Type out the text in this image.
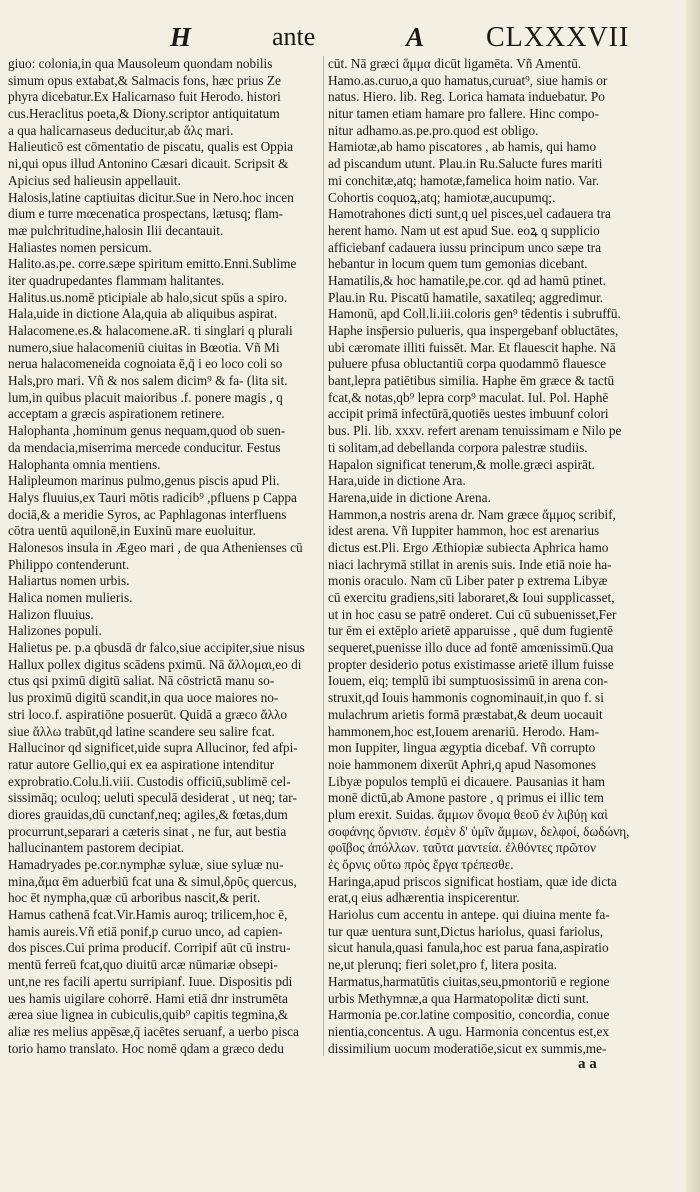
H	ante	A CLXXXVII
giuo: colonia,in qua Mausoleum quondam nobilis
simum opus extabat,& Salmacis fons, hæc prius Ze
phyra dicebatur.Ex Halicarnaso fuit Herodo. histori
cus.Heraclitus poeta,& Diony.scriptor antiquitatum
a qua halicarnaseus deducitur,ab ἅλς mari.
Halieuticō est cōmentatio de piscatu, qualis est Oppia
ni,qui opus illud Antonino Cæsari dicauit. Scripsit &
Apicius sed halieusin appellauit.
Halosis,latine captiuitas dicitur.Sue in Nero.hoc incen
dium e turre mœcenatica prospectans, lætusq; flam-
mæ pulchritudine,halosin Ilii decantauit.
Haliastes nomen persicum.
Halito.as.pe. corre.sæpe spiritum emitto.Enni.Sublime
iter quadrupedantes flammam halitantes.
Halitus.us.nomē pticipiale ab halo,sicut spūs a spiro.
Hala,uide in dictione Ala,quia ab aliquibus aspirat.
Halacomene.es.& halacomene.aR. ti singlari q plurali
numero,siue halacomeniū ciuitas in Bœotia. Vñ Mi
nerua halacomeneida cognoiata ē,q̄ i eo loco coli so
Hals,pro mari. Vñ & nos salem dicim⁹ & fa- (lita sit.
lum,in quibus placuit maioribus .f. ponere magis , q
acceptam a græcis aspirationem retinere.
Halophanta ,hominum genus nequam,quod ob suen-
da mendacia,miserrima mercede conducitur. Festus
Halophanta omnia mentiens.
Halipleumon marinus pulmo,genus piscis apud Pli.
Halys fluuius,ex Tauri mōtis radicib⁹ ,pfluens p Cappa
dociā,& a meridie Syros, ac Paphlagonas interfluens
cōtra uentū aquilonē,in Euxinū mare euoluitur.
Halonesos insula in Ægeo mari , de qua Athenienses cū
Philippo contenderunt.
Haliartus nomen urbis.
Halica nomen mulieris.
Halizon fluuius.
Halizones populi.
Halietus pe. p.a qbusdā dr falco,siue accipiter,siue nisus
Hallux pollex digitus scādens pximū. Nā ἅλλομαι,eo di
ctus qsi pximū digitū saliat. Nā cōstrictā manu so-
lus proximū digitū scandit,in qua uoce maiores no-
stri loco.f. aspiratiōne posuerūt. Quidā a græco ἄλλο
siue ἄλλω trabūt,qd latine scandere seu salire fcat.
Hallucinor qd significet,uide supra Allucinor, fed afpi-
ratur autore Gellio,qui ex ea aspiratione intenditur
exprobratio.Colu.li.viii. Custodis officiū,sublimē cel-
sissimāq; oculoq; ueluti speculā desiderat , ut neq; tar-
diores grauidas,dū cunctanf,neq; agiles,& fœtas,dum
procurrunt,separari a cæteris sinat , ne fur, aut bestia
hallucinantem pastorem decipiat.
Hamadryades pe.cor.nymphæ syluæ, siue syluæ nu-
mina,ἅμα ēm aduerbiū fcat una & simul,δρῦς quercus,
hoc ēt nympha,quæ cū arboribus nascit,& perit.
Hamus cathenā fcat.Vir.Hamis auroq; trilicem,hoc ē,
hamis aureis.Vñ etiā ponif,p curuo unco, ad capien-
dos pisces.Cui prima producif. Corripif aūt cū instru-
mentū ferreū fcat,quo diuitū arcæ nūmariæ obsepi-
unt,ne res facili apertu surripianf. Iuue. Dispositis pdi
ues hamis uigilare cohorrē. Hami etiā dnr instrumēta
ærea siue lignea in cubiculis,quib⁹ capitis tegmina,&
aliæ res melius appēsæ,q̄ iacētes seruanf, a uerbo pisca
torio hamo translato. Hoc nomē qdam a græco dedu
cūt. Nā græci ἅμμα dicūt ligamēta. Vñ Amentū.
Hamo.as.curuo,a quo hamatus,curuat⁹, siue hamis or
natus. Hiero. lib. Reg. Lorica hamata induebatur. Po
nitur tamen etiam hamare pro fallere. Hinc compo-
nitur adhamo.as.pe.pro.quod est obligo.
Hamiotæ,ab hamo piscatores , ab hamis, qui hamo
ad piscandum utunt. Plau.in Ru.Salucte fures mariti
mi conchitæ,atq; hamotæ,famelica hoim natio. Var.
Cohortis coquoꝝ,atq; hamiotæ,aucupumq;.
Hamotrahones dicti sunt,q uel pisces,uel cadauera tra
herent hamo. Nam ut est apud Sue. eoꝝ q supplicio
afficiebanf cadauera iussu principum unco sæpe tra
hebantur in locum quem tum gemonias dicebant.
Hamatilis,& hoc hamatile,pe.cor. qd ad hamū ptinet.
Plau.in Ru. Piscatū hamatile, saxatileq; aggredimur.
Hamonū, apd Coll.li.iii.coloris gen⁹ tēdentis i subruffū.
Haphe insp̄ersio pulueris, qua inspergebanf obluctātes,
ubi cæromate illiti fuissēt. Mar. Et flauescit haphe. Nā
puluere pfusa obluctantiū corpa quodammō flauesce
bant,lepra patiētibus similia. Haphe ēm græce & tactū
fcat,& notas,qb⁹ lepra corp⁹ maculat. Iul. Pol. Haphē
accipit primā infectūrā,quotiēs uestes imbuunf colori
bus. Pli. lib. xxxv. refert arenam tenuissimam e Nilo pe
ti solitam,ad debellanda corpora palestræ studiis.
Hapalon significat tenerum,& molle.græci aspirāt.
Hara,uide in dictione Ara.
Harena,uide in dictione Arena.
Hammon,a nostris arena dr. Nam græce ἄμμος scribif,
idest arena. Vñ Iuppiter hammon, hoc est arenarius
dictus est.Pli. Ergo Æthiopiæ subiecta Aphrica hamo
niaci lachrymā stillat in arenis suis. Inde etiā noie ha-
monis oraculo. Nam cū Liber pater p extrema Libyæ
cū exercitu gradiens,siti laboraret,& Ioui supplicasset,
ut in hoc casu se patrē onderet. Cui cū subuenisset,Fer
tur ēm ei extēplo arietē apparuisse , quē dum fugientē
sequeret,puenisse illo duce ad fontē amœnissimū.Qua
propter desiderio potus existimasse arietē illum fuisse
Iouem, eiq; templū ibi sumptuosissimū in arena con-
struxit,qd Iouis hammonis cognominauit,in quo f. si
mulachrum arietis formā præstabat,& deum uocauit
hammonem,hoc est,Iouem arenariū. Herodo. Ham-
mon Iuppiter, lingua ægyptia dicebaf. Vñ corrupto
noie hammonem dixerūt Aphri,q apud Nasomones
Libyæ populos templū ei dicauere. Pausanias it ham
monē dictū,ab Amone pastore , q primus ei illic tem
plum erexit. Suidas. ἄμμων ὄνομα θεοῦ ἐν λιβύῃ καὶ
σοφάνης ὄρνισιν. ἐσμὲν δ' ὑμῖν ἄμμων, δελφοί, δωδώνη,
φοῖβος ἀπόλλων. ταῦτα μαντεία. ἐλθόντες πρῶτον
ἐς ὄρνις οὕτω πρὸς ἔργα τρέπεσθε.
Haringa,apud priscos significat hostiam, quæ ide dicta
erat,q eius adhærentia inspicerentur.
Hariolus cum accentu in antepe. qui diuina mente fa-
tur quæ uentura sunt,Dictus hariolus, quasi fariolus,
sicut hanula,quasi fanula,hoc est parua fana,aspiratio
ne,ut plerunq; fieri solet,pro f, litera posita.
Harmatus,harmatūtis ciuitas,seu,pmontoriū e regione
urbis Methymnæ,a qua Harmatopolitæ dicti sunt.
Harmonia pe.cor.latine compositio, concordia, conue
nientia,concentus. A ugu. Harmonia concentus est,ex
dissimilium uocum moderatiōe,sicut ex summis,me-
a a
